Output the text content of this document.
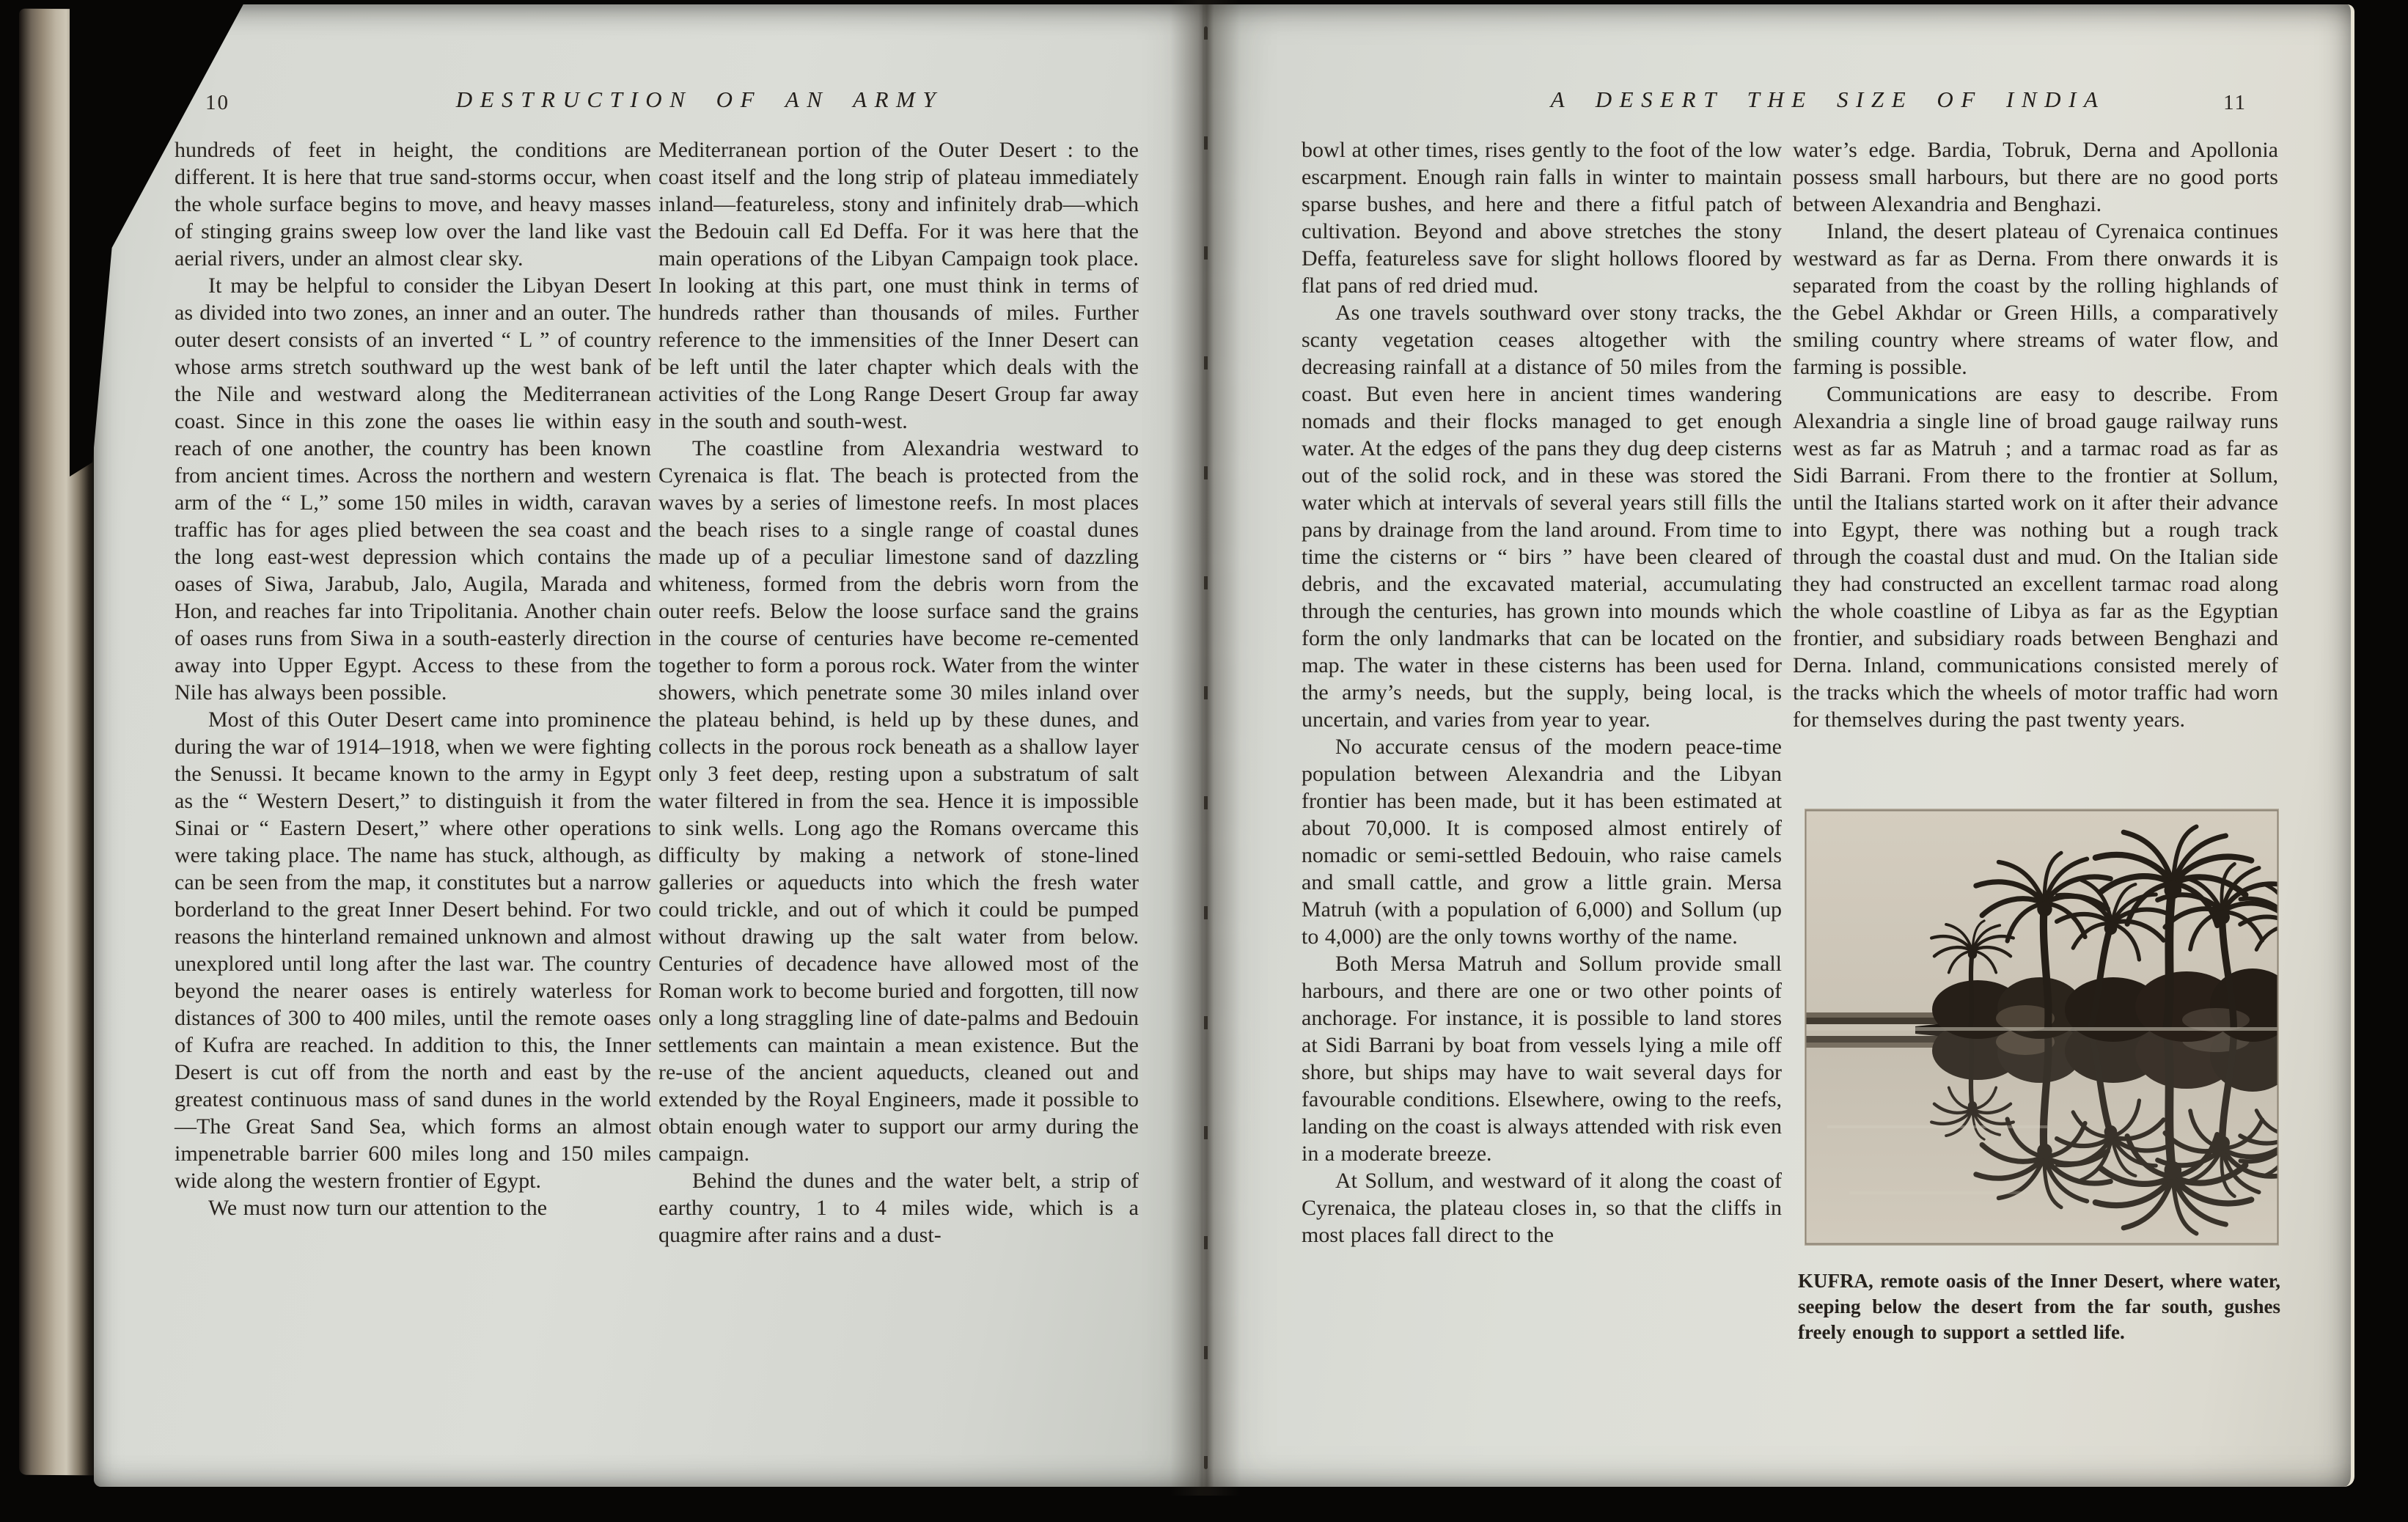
10	DESTRUCTION OF AN ARMY

hundreds of feet in height, the conditions are different. It is here that true sand-storms occur, when the whole surface begins to move, and heavy masses of stinging grains sweep low over the land like vast aerial rivers, under an almost clear sky.

It may be helpful to consider the Libyan Desert as divided into two zones, an inner and an outer. The outer desert consists of an inverted “ L ” of country whose arms stretch southward up the west bank of the Nile and westward along the Mediterranean coast. Since in this zone the oases lie within easy reach of one another, the country has been known from ancient times. Across the northern and western arm of the “ L,” some 150 miles in width, caravan traffic has for ages plied between the sea coast and the long east-west depression which contains the oases of Siwa, Jarabub, Jalo, Augila, Marada and Hon, and reaches far into Tripolitania. Another chain of oases runs from Siwa in a south-easterly direction away into Upper Egypt. Access to these from the Nile has always been possible.

Most of this Outer Desert came into prominence during the war of 1914–1918, when we were fighting the Senussi. It became known to the army in Egypt as the “ Western Desert,” to distinguish it from the Sinai or “ Eastern Desert,” where other operations were taking place. The name has stuck, although, as can be seen from the map, it constitutes but a narrow borderland to the great Inner Desert behind. For two reasons the hinterland remained unknown and almost unexplored until long after the last war. The country beyond the nearer oases is entirely waterless for distances of 300 to 400 miles, until the remote oases of Kufra are reached. In addition to this, the Inner Desert is cut off from the north and east by the greatest continuous mass of sand dunes in the world—The Great Sand Sea, which forms an almost impenetrable barrier 600 miles long and 150 miles wide along the western frontier of Egypt.

We must now turn our attention to the

Mediterranean portion of the Outer Desert : to the coast itself and the long strip of plateau immediately inland—featureless, stony and infinitely drab—which the Bedouin call Ed Deffa. For it was here that the main operations of the Libyan Campaign took place. In looking at this part, one must think in terms of hundreds rather than thousands of miles. Further reference to the immensities of the Inner Desert can be left until the later chapter which deals with the activities of the Long Range Desert Group far away in the south and south-west.

The coastline from Alexandria westward to Cyrenaica is flat. The beach is protected from the waves by a series of limestone reefs. In most places the beach rises to a single range of coastal dunes made up of a peculiar limestone sand of dazzling whiteness, formed from the debris worn from the outer reefs. Below the loose surface sand the grains in the course of centuries have become re-cemented together to form a porous rock. Water from the winter showers, which penetrate some 30 miles inland over the plateau behind, is held up by these dunes, and collects in the porous rock beneath as a shallow layer only 3 feet deep, resting upon a substratum of salt water filtered in from the sea. Hence it is impossible to sink wells. Long ago the Romans overcame this difficulty by making a network of stone-lined galleries or aqueducts into which the fresh water could trickle, and out of which it could be pumped without drawing up the salt water from below. Centuries of decadence have allowed most of the Roman work to become buried and forgotten, till now only a long straggling line of date-palms and Bedouin settlements can maintain a mean existence. But the re-use of the ancient aqueducts, cleaned out and extended by the Royal Engineers, made it possible to obtain enough water to support our army during the campaign.

Behind the dunes and the water belt, a strip of earthy country, 1 to 4 miles wide, which is a quagmire after rains and a dust-

11
A DESERT THE SIZE OF INDIA

bowl at other times, rises gently to the foot of the low escarpment. Enough rain falls in winter to maintain sparse bushes, and here and there a fitful patch of cultivation. Beyond and above stretches the stony Deffa, featureless save for slight hollows floored by flat pans of red dried mud.

As one travels southward over stony tracks, the scanty vegetation ceases altogether with the decreasing rainfall at a distance of 50 miles from the coast. But even here in ancient times wandering nomads and their flocks managed to get enough water. At the edges of the pans they dug deep cisterns out of the solid rock, and in these was stored the water which at intervals of several years still fills the pans by drainage from the land around. From time to time the cisterns or “ birs ” have been cleared of debris, and the excavated material, accumulating through the centuries, has grown into mounds which form the only landmarks that can be located on the map. The water in these cisterns has been used for the army’s needs, but the supply, being local, is uncertain, and varies from year to year.

No accurate census of the modern peace-time population between Alexandria and the Libyan frontier has been made, but it has been estimated at about 70,000. It is composed almost entirely of nomadic or semi-settled Bedouin, who raise camels and small cattle, and grow a little grain. Mersa Matruh (with a population of 6,000) and Sollum (up to 4,000) are the only towns worthy of the name.

Both Mersa Matruh and Sollum provide small harbours, and there are one or two other points of anchorage. For instance, it is possible to land stores at Sidi Barrani by boat from vessels lying a mile off shore, but ships may have to wait several days for favourable conditions. Elsewhere, owing to the reefs, landing on the coast is always attended with risk even in a moderate breeze.

At Sollum, and westward of it along the coast of Cyrenaica, the plateau closes in, so that the cliffs in most places fall direct to the

water’s edge. Bardia, Tobruk, Derna and Apollonia possess small harbours, but there are no good ports between Alexandria and Benghazi.

Inland, the desert plateau of Cyrenaica continues westward as far as Derna. From there onwards it is separated from the coast by the rolling highlands of the Gebel Akhdar or Green Hills, a comparatively smiling country where streams of water flow, and farming is possible.

Communications are easy to describe. From Alexandria a single line of broad gauge railway runs west as far as Matruh ; and a tarmac road as far as Sidi Barrani. From there to the frontier at Sollum, until the Italians started work on it after their advance into Egypt, there was nothing but a rough track through the coastal dust and mud. On the Italian side they had constructed an excellent tarmac road along the whole coastline of Libya as far as the Egyptian frontier, and subsidiary roads between Benghazi and Derna. Inland, communications consisted merely of the tracks which the wheels of motor traffic had worn for themselves during the past twenty years.

KUFRA, remote oasis of the Inner Desert, where water, seeping below the desert from the far south, gushes freely enough to support a settled life.
